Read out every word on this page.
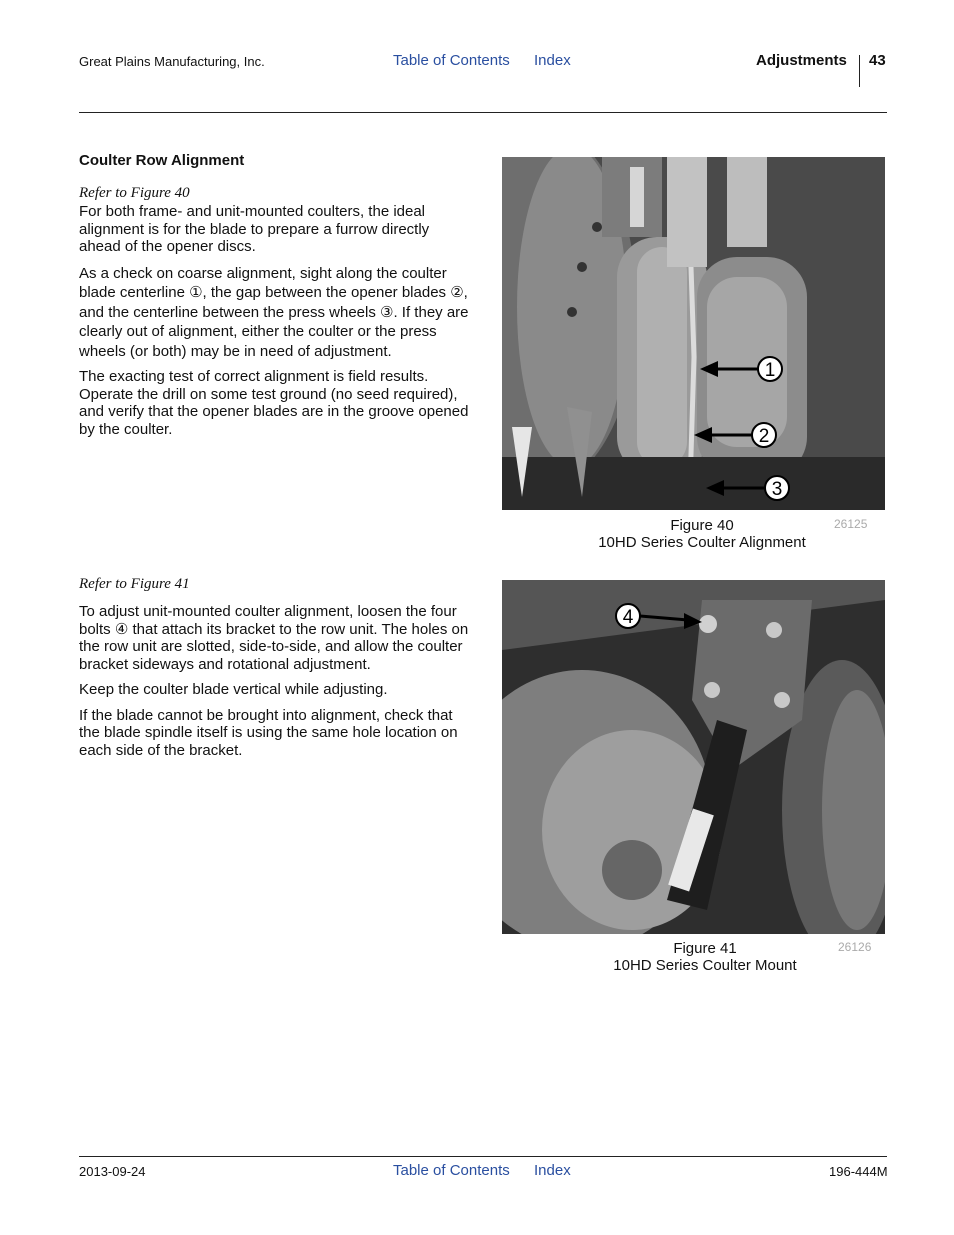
Great Plains Manufacturing, Inc.	Table of Contents Index	Adjustments 43
Coulter Row Alignment
Refer to Figure 40

For both frame- and unit-mounted coulters, the ideal alignment is for the blade to prepare a furrow directly ahead of the opener discs.

As a check on coarse alignment, sight along the coulter blade centerline ①, the gap between the opener blades ②, and the centerline between the press wheels ③. If they are clearly out of alignment, either the coulter or the press wheels (or both) may be in need of adjustment.

The exacting test of correct alignment is field results. Operate the drill on some test ground (no seed required), and verify that the opener blades are in the groove opened by the coulter.

1
2
3
Figure 40
10HD Series Coulter Alignment
26125
Refer to Figure 41

To adjust unit-mounted coulter alignment, loosen the four bolts ④ that attach its bracket to the row unit. The holes on the row unit are slotted, side-to-side, and allow the coulter bracket sideways and rotational adjustment.

Keep the coulter blade vertical while adjusting.

If the blade cannot be brought into alignment, check that the blade spindle itself is using the same hole location on each side of the bracket.

4
Figure 41
10HD Series Coulter Mount
26126
2013-09-24	Table of Contents Index	196-444M
